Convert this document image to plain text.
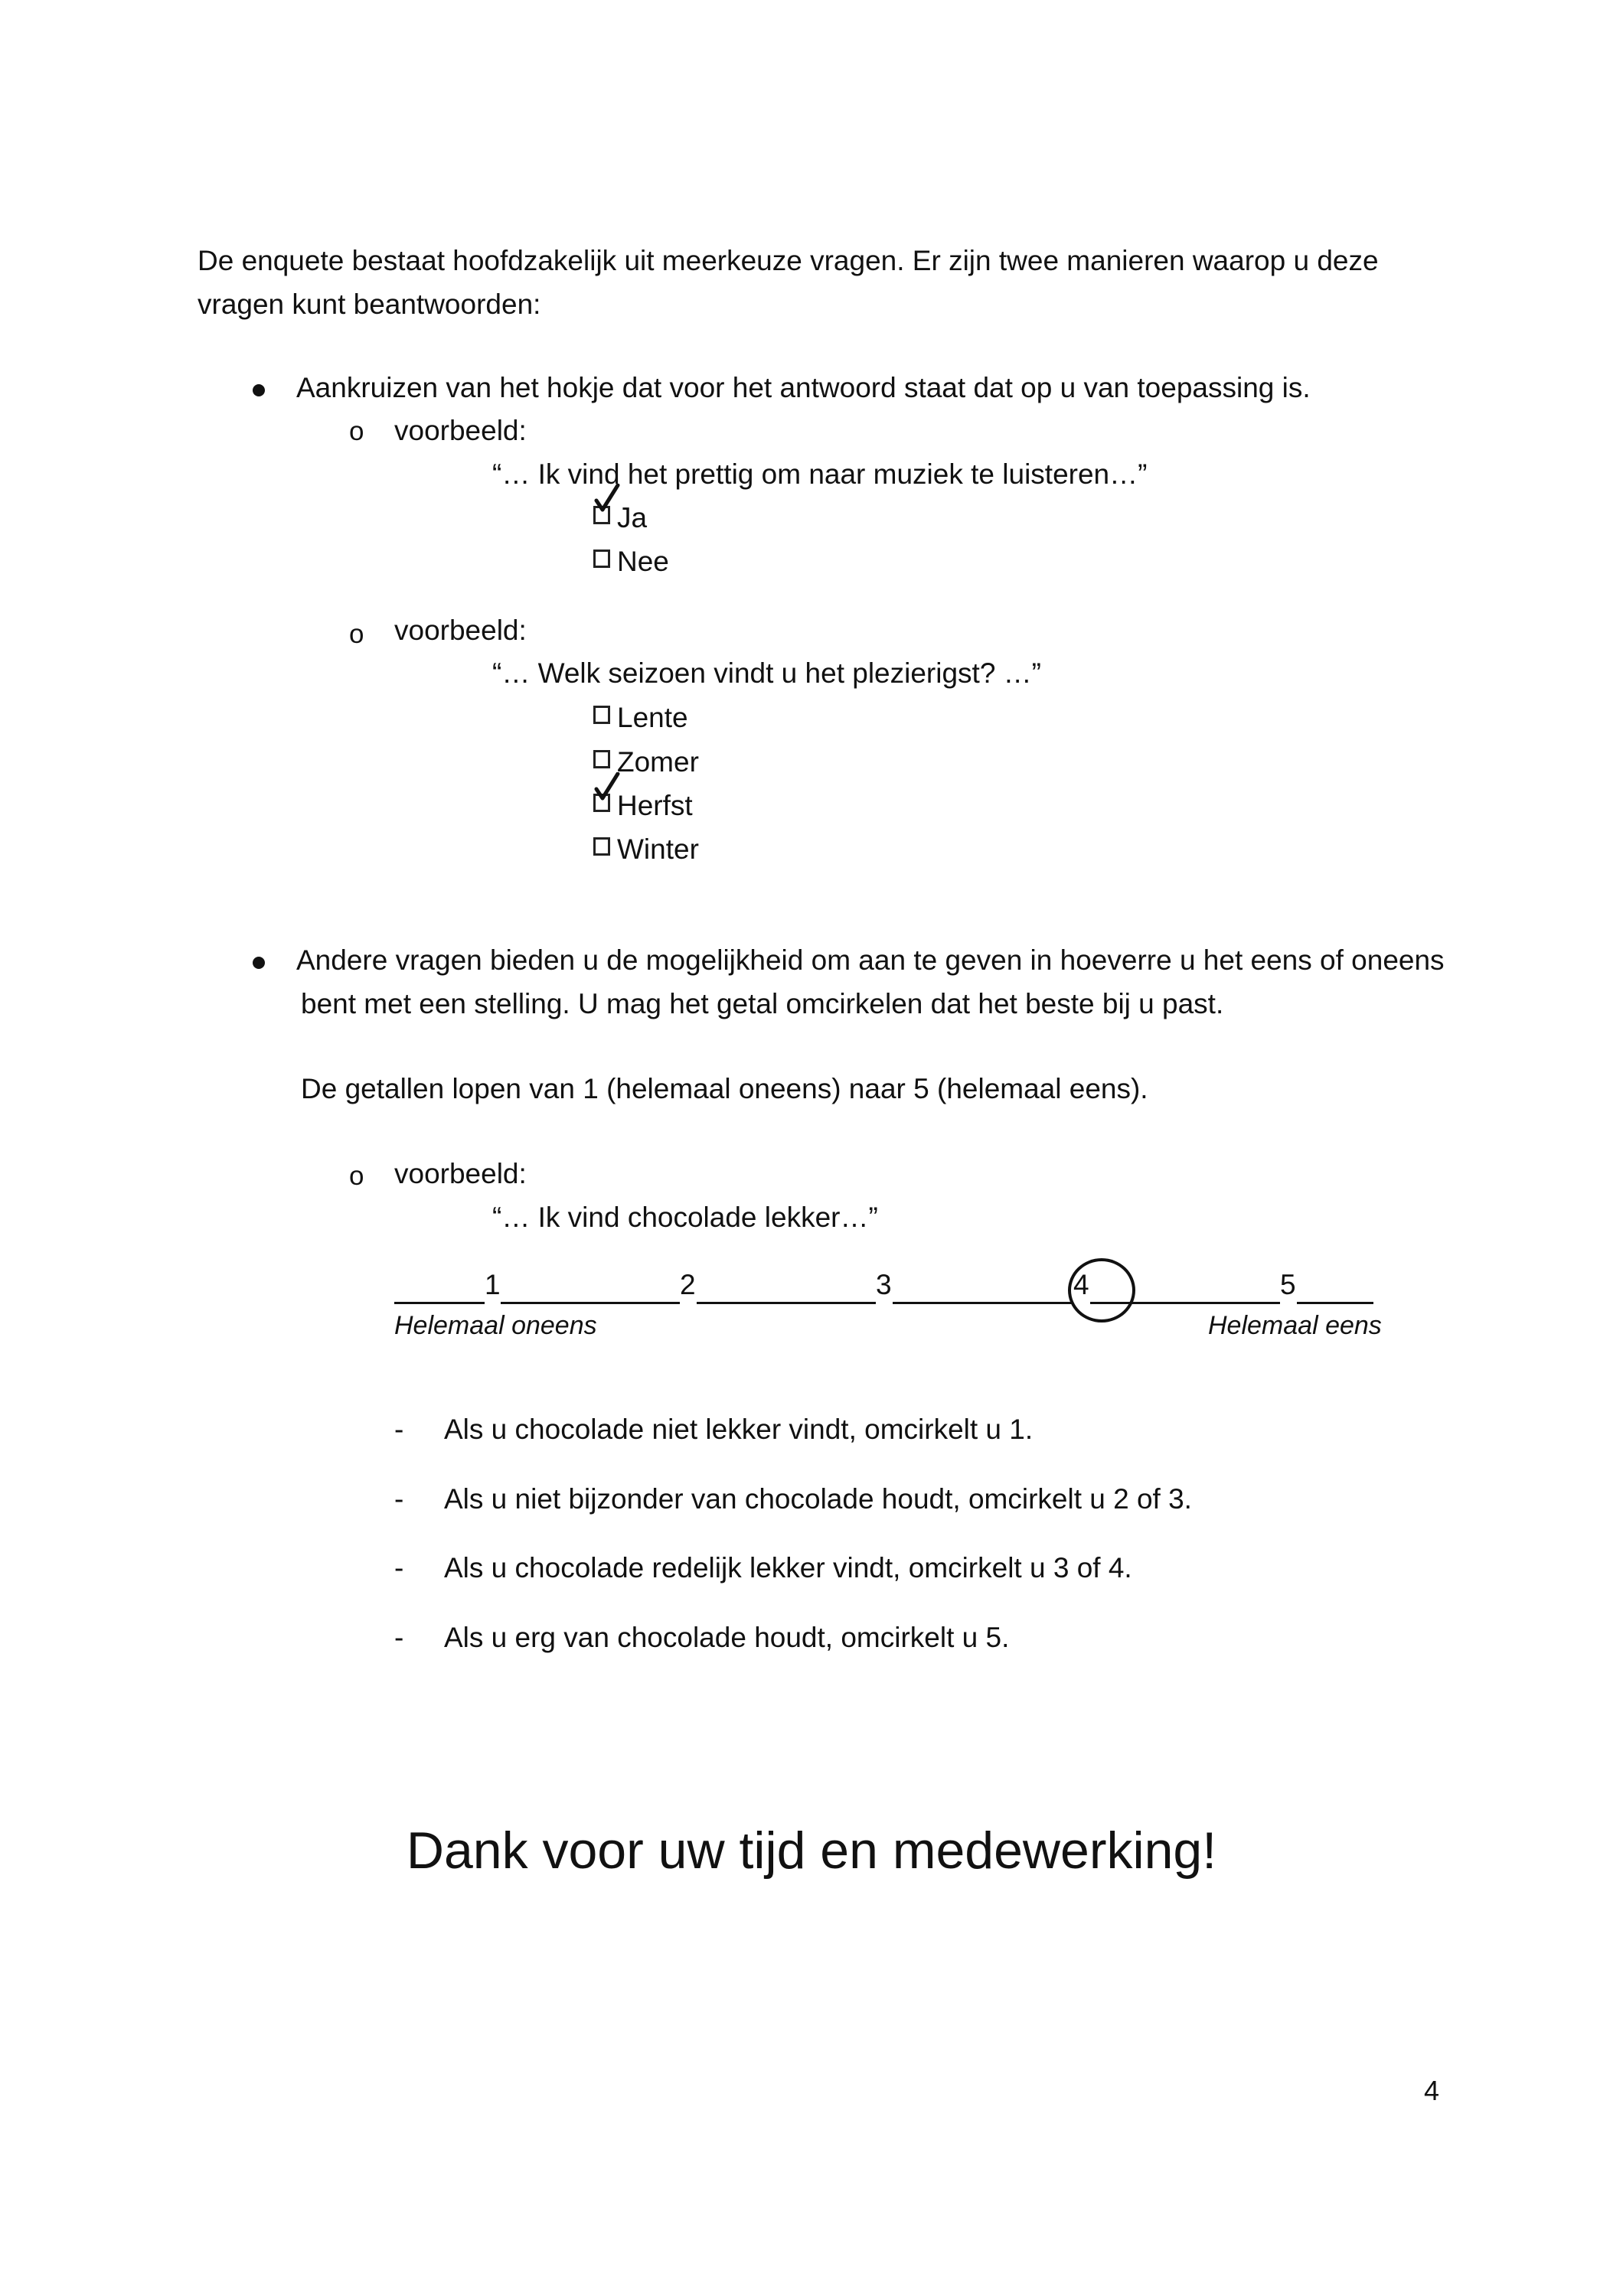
De enquete bestaat hoofdzakelijk uit meerkeuze vragen. Er zijn twee manieren waarop u deze vragen kunt beantwoorden:
Aankruizen van het hokje dat voor het antwoord staat dat op u van toepassing is.
o voorbeeld:
“… Ik vind het prettig om naar muziek te luisteren…”
Ja
Nee
o voorbeeld:
“… Welk seizoen vindt u het plezierigst? …”
Lente
Zomer
Herfst
Winter
Andere vragen bieden u de mogelijkheid om aan te geven in hoeverre u het eens of oneens
bent met een stelling. U mag het getal omcirkelen dat het beste bij u past.
De getallen lopen van 1 (helemaal oneens) naar 5 (helemaal eens).
o voorbeeld:
“… Ik vind chocolade lekker…”
1	2	3	4	5
Helemaal oneens	Helemaal eens
- Als u chocolade niet lekker vindt, omcirkelt u 1.
- Als u niet bijzonder van chocolade houdt, omcirkelt u 2 of 3.
- Als u chocolade redelijk lekker vindt, omcirkelt u 3 of 4.
- Als u erg van chocolade houdt, omcirkelt u 5.
Dank voor uw tijd en medewerking!
4
